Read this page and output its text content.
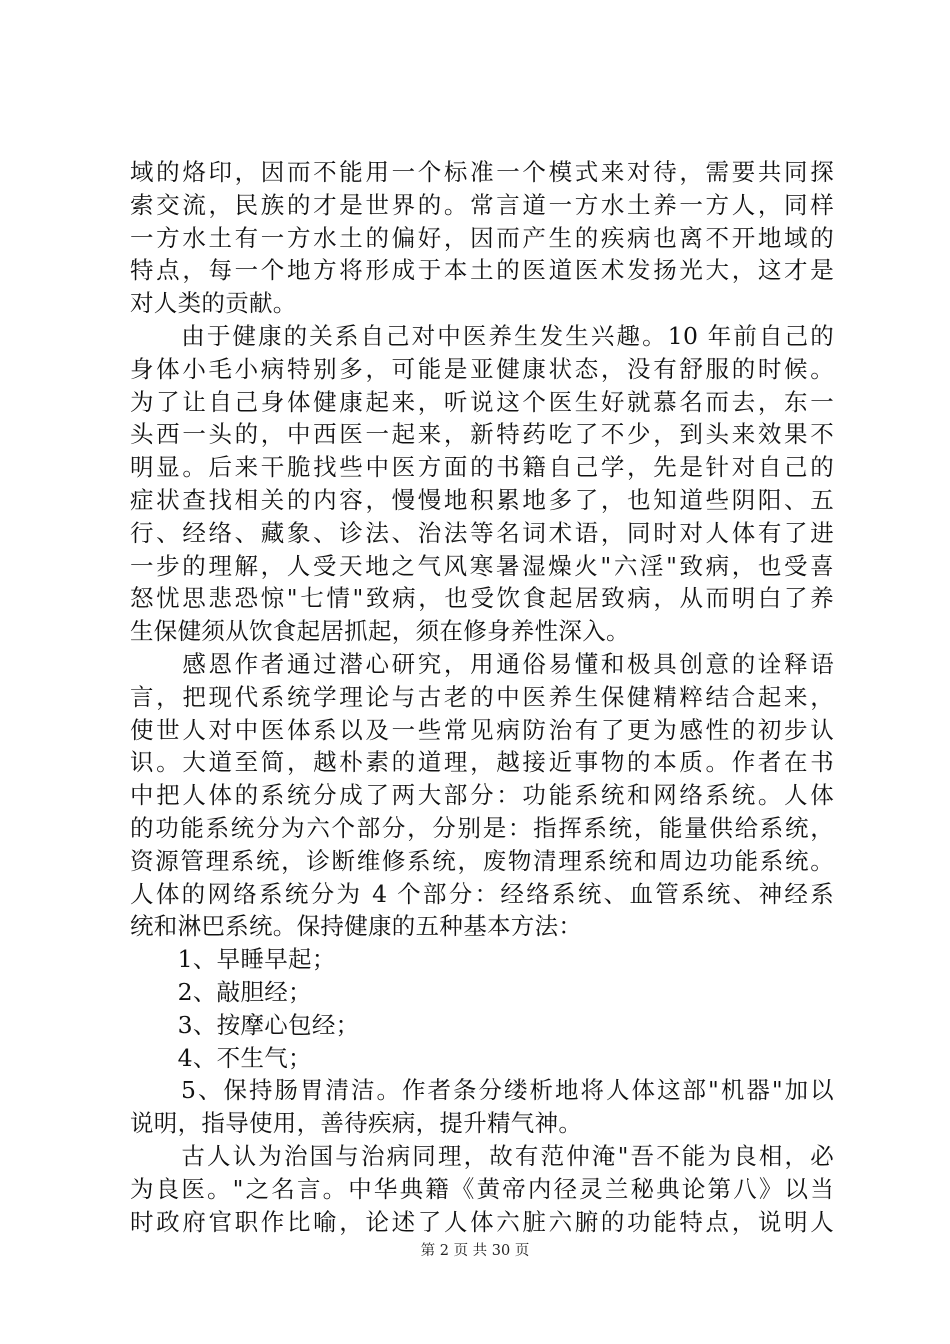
域的烙印，因而不能用一个标准一个模式来对待，需要共同探
索交流，民族的才是世界的。常言道一方水土养一方人，同样
一方水土有一方水土的偏好，因而产生的疾病也离不开地域的
特点，每一个地方将形成于本土的医道医术发扬光大，这才是
对人类的贡献。
　　由于健康的关系自己对中医养生发生兴趣。10 年前自己的
身体小毛小病特别多，可能是亚健康状态，没有舒服的时候。
为了让自己身体健康起来，听说这个医生好就慕名而去，东一
头西一头的，中西医一起来，新特药吃了不少，到头来效果不
明显。后来干脆找些中医方面的书籍自己学，先是针对自己的
症状查找相关的内容，慢慢地积累地多了，也知道些阴阳、五
行、经络、藏象、诊法、治法等名词术语，同时对人体有了进
一步的理解，人受天地之气风寒暑湿燥火"六淫"致病，也受喜
怒忧思悲恐惊"七情"致病，也受饮食起居致病，从而明白了养
生保健须从饮食起居抓起，须在修身养性深入。
　　感恩作者通过潜心研究，用通俗易懂和极具创意的诠释语
言，把现代系统学理论与古老的中医养生保健精粹结合起来，
使世人对中医体系以及一些常见病防治有了更为感性的初步认
识。大道至简，越朴素的道理，越接近事物的本质。作者在书
中把人体的系统分成了两大部分：功能系统和网络系统。人体
的功能系统分为六个部分，分别是：指挥系统，能量供给系统，
资源管理系统，诊断维修系统，废物清理系统和周边功能系统。
人体的网络系统分为 4 个部分：经络系统、血管系统、神经系
统和淋巴系统。保持健康的五种基本方法：
　　1、早睡早起；
　　2、敲胆经；
　　3、按摩心包经；
　　4、不生气；
　　5、保持肠胃清洁。作者条分缕析地将人体这部"机器"加以
说明，指导使用，善待疾病，提升精气神。
　　古人认为治国与治病同理，故有范仲淹"吾不能为良相，必
为良医。"之名言。中华典籍《黄帝内径灵兰秘典论第八》以当
时政府官职作比喻，论述了人体六脏六腑的功能特点，说明人
第 2 页 共 30 页
